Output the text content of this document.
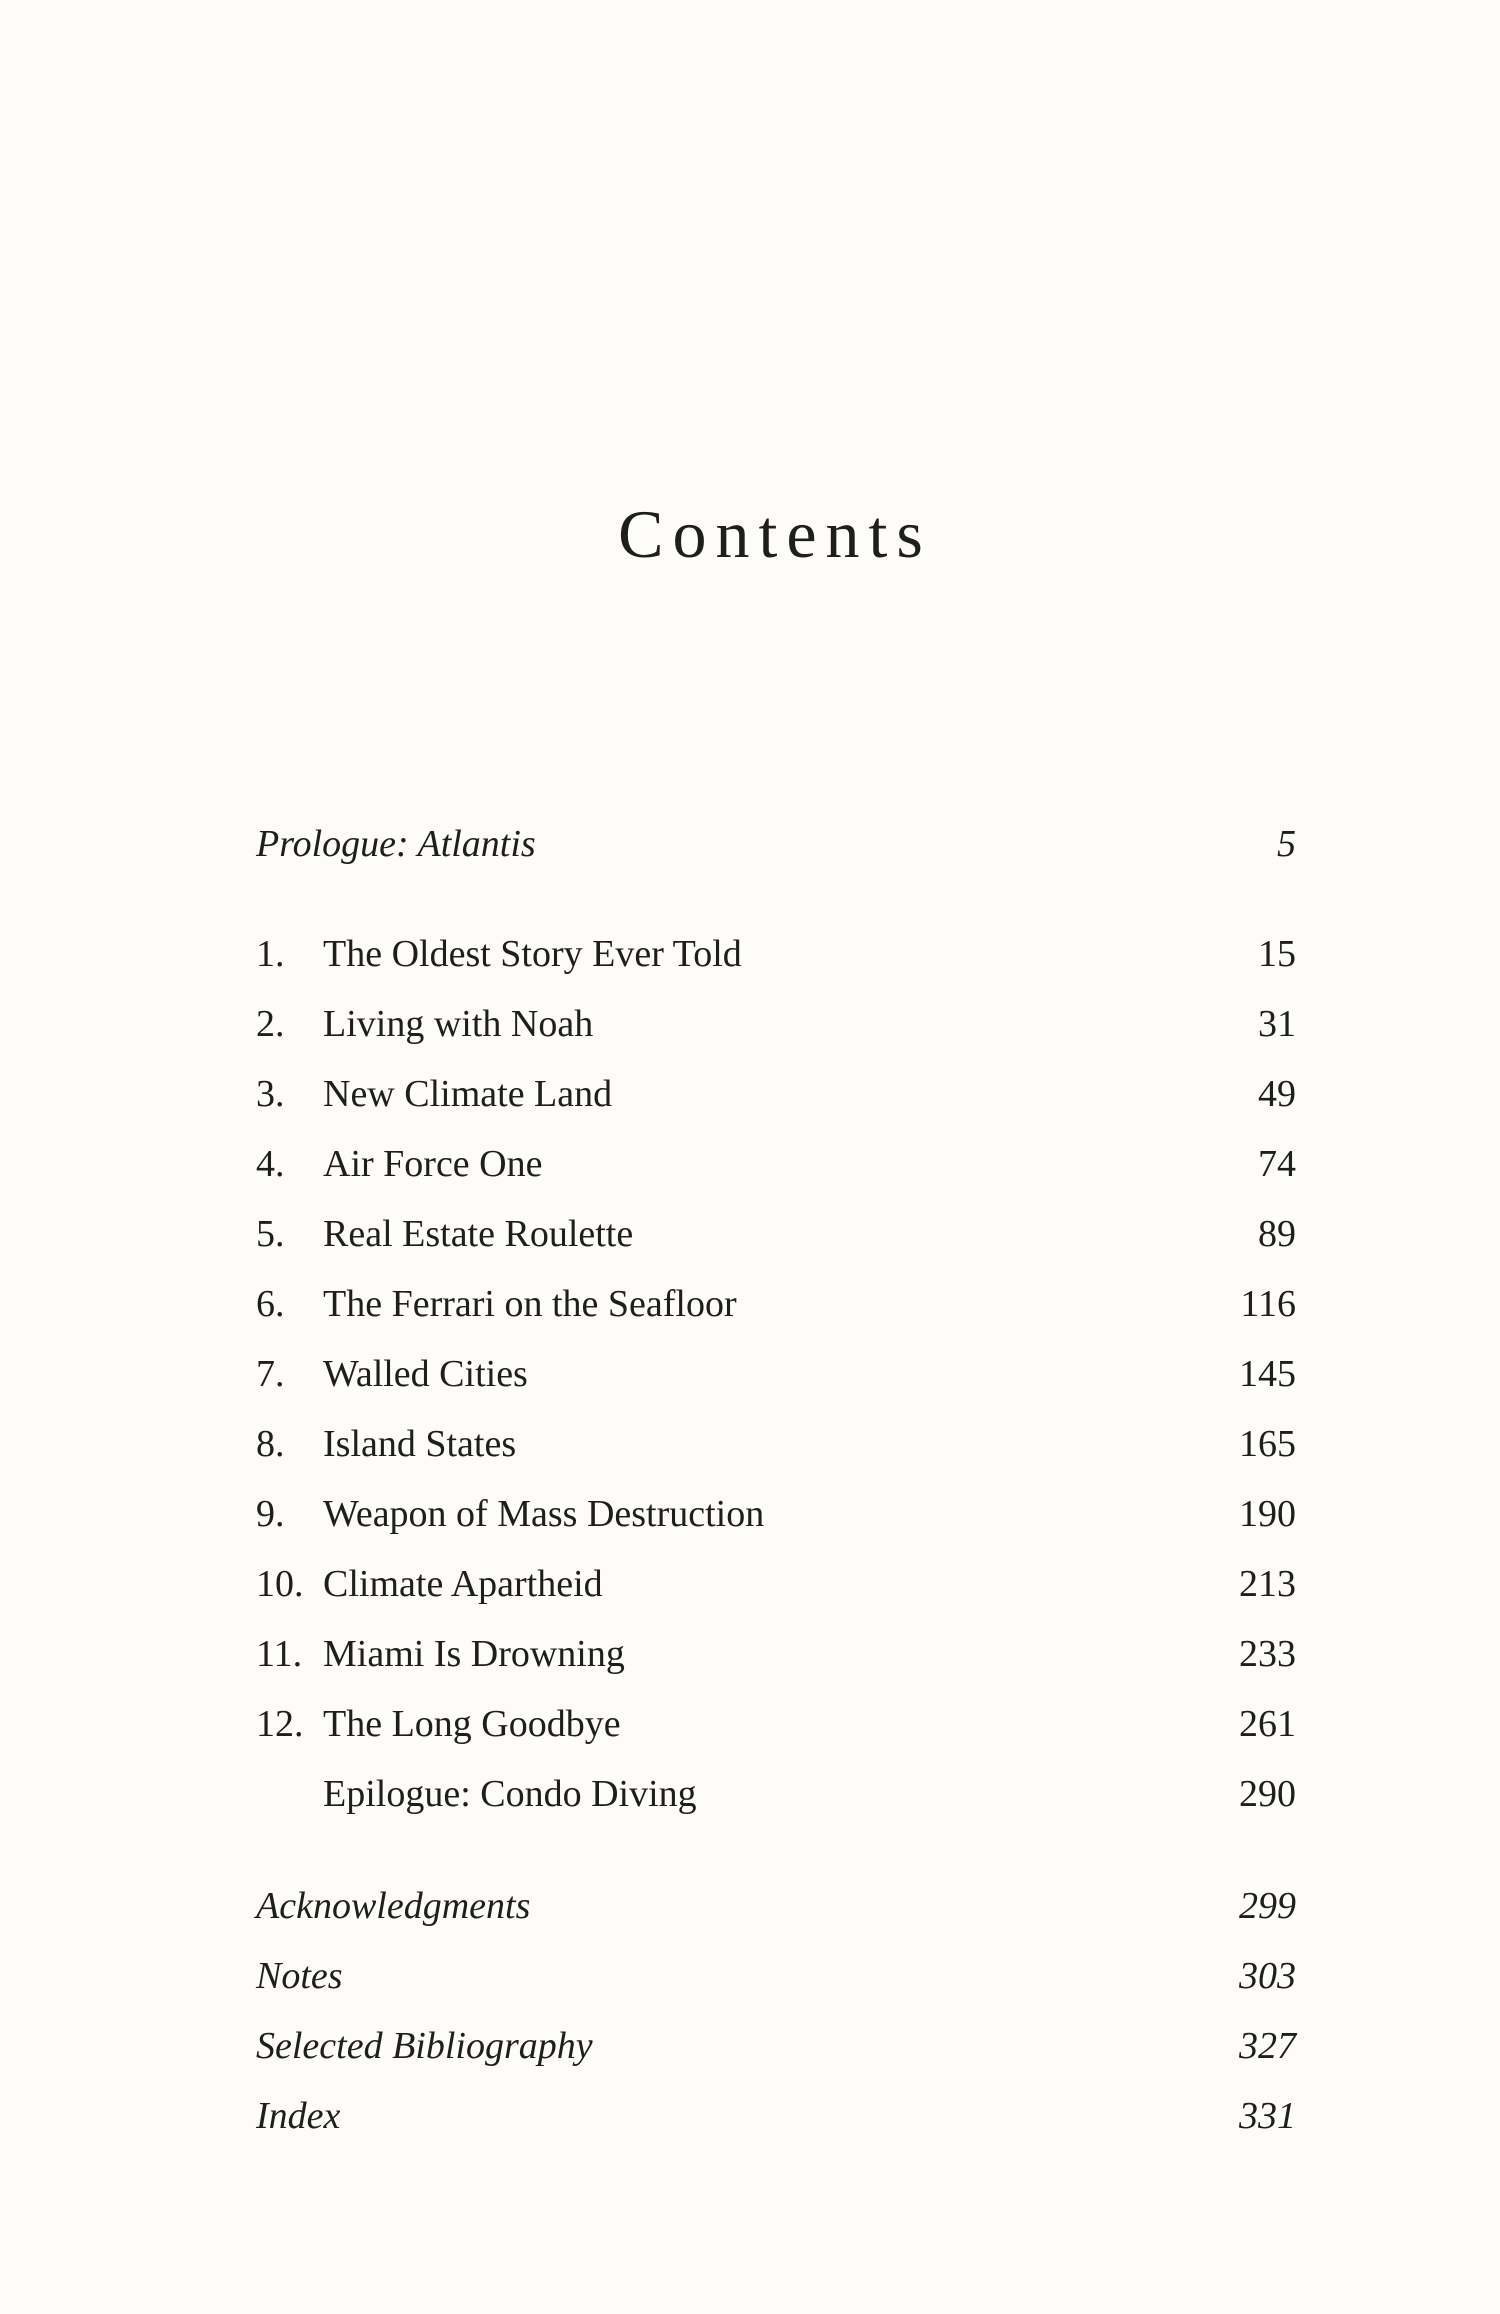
Contents
Prologue: Atlantis	5
1.	The Oldest Story Ever Told	15
2.	Living with Noah	31
3.	New Climate Land	49
4.	Air Force One	74
5.	Real Estate Roulette	89
6.	The Ferrari on the Seafloor	116
7.	Walled Cities	145
8.	Island States	165
9.	Weapon of Mass Destruction	190
10. Climate Apartheid	213
11. Miami Is Drowning	233
12. The Long Goodbye	261
Epilogue: Condo Diving	290
Acknowledgments	299
Notes	303
Selected Bibliography	327
Index	331
